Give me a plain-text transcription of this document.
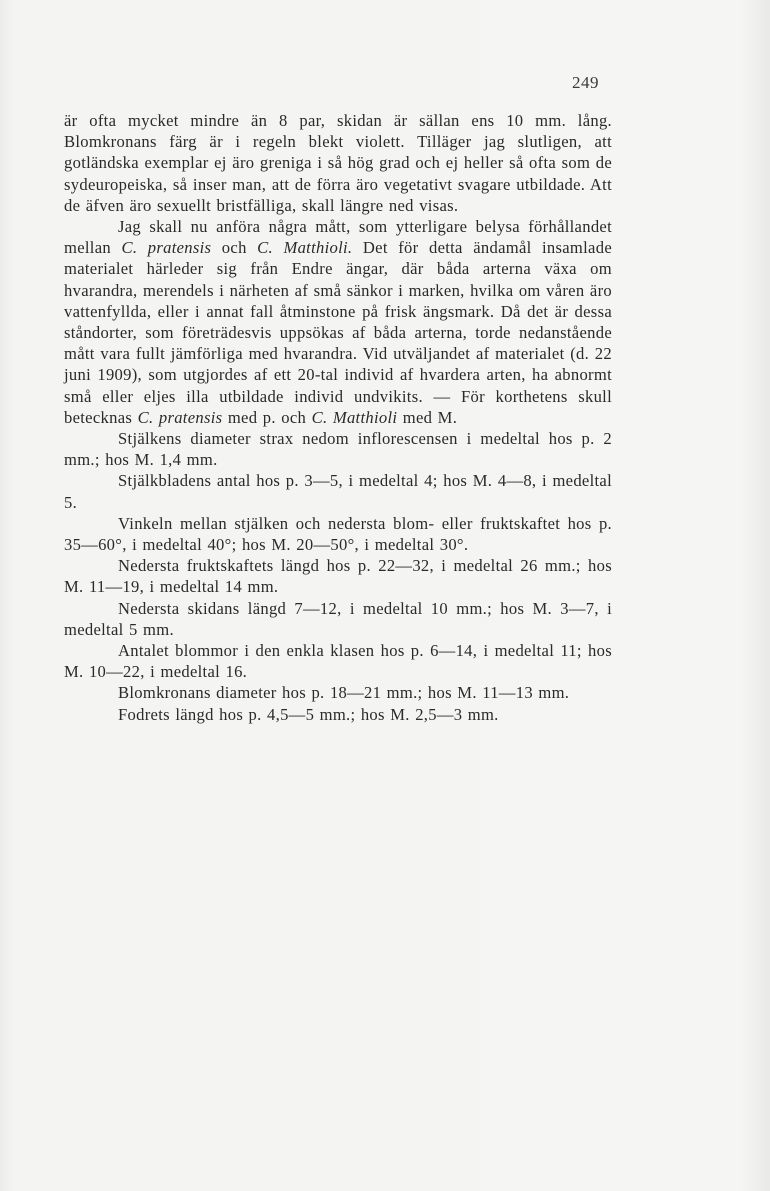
249

är ofta mycket mindre än 8 par, skidan är sällan ens 10 mm. lång. Blomkronans färg är i regeln blekt violett. Tilläger jag slutligen, att gotländska exemplar ej äro greniga i så hög grad och ej heller så ofta som de sydeuropeiska, så inser man, att de förra äro vegetativt svagare utbildade. Att de äfven äro sexuellt bristfälliga, skall längre ned visas.

Jag skall nu anföra några mått, som ytterligare belysa förhållandet mellan C. pratensis och C. Matthioli. Det för detta ändamål insamlade materialet härleder sig från Endre ängar, där båda arterna växa om hvarandra, merendels i närheten af små sänkor i marken, hvilka om våren äro vattenfyllda, eller i annat fall åtminstone på frisk ängsmark. Då det är dessa ståndorter, som företrädesvis uppsökas af båda arterna, torde nedanstående mått vara fullt jämförliga med hvarandra. Vid utväljandet af materialet (d. 22 juni 1909), som utgjordes af ett 20-tal individ af hvardera arten, ha abnormt små eller eljes illa utbildade individ undvikits. — För korthetens skull betecknas C. pratensis med p. och C. Matthioli med M.

Stjälkens diameter strax nedom inflorescensen i medeltal hos p. 2 mm.; hos M. 1,4 mm.

Stjälkbladens antal hos p. 3—5, i medeltal 4; hos M. 4—8, i medeltal 5.

Vinkeln mellan stjälken och nedersta blom- eller fruktskaftet hos p. 35—60°, i medeltal 40°; hos M. 20—50°, i medeltal 30°.

Nedersta fruktskaftets längd hos p. 22—32, i medeltal 26 mm.; hos M. 11—19, i medeltal 14 mm.

Nedersta skidans längd 7—12, i medeltal 10 mm.; hos M. 3—7, i medeltal 5 mm.

Antalet blommor i den enkla klasen hos p. 6—14, i medeltal 11; hos M. 10—22, i medeltal 16.

Blomkronans diameter hos p. 18—21 mm.; hos M. 11—13 mm.

Fodrets längd hos p. 4,5—5 mm.; hos M. 2,5—3 mm.
